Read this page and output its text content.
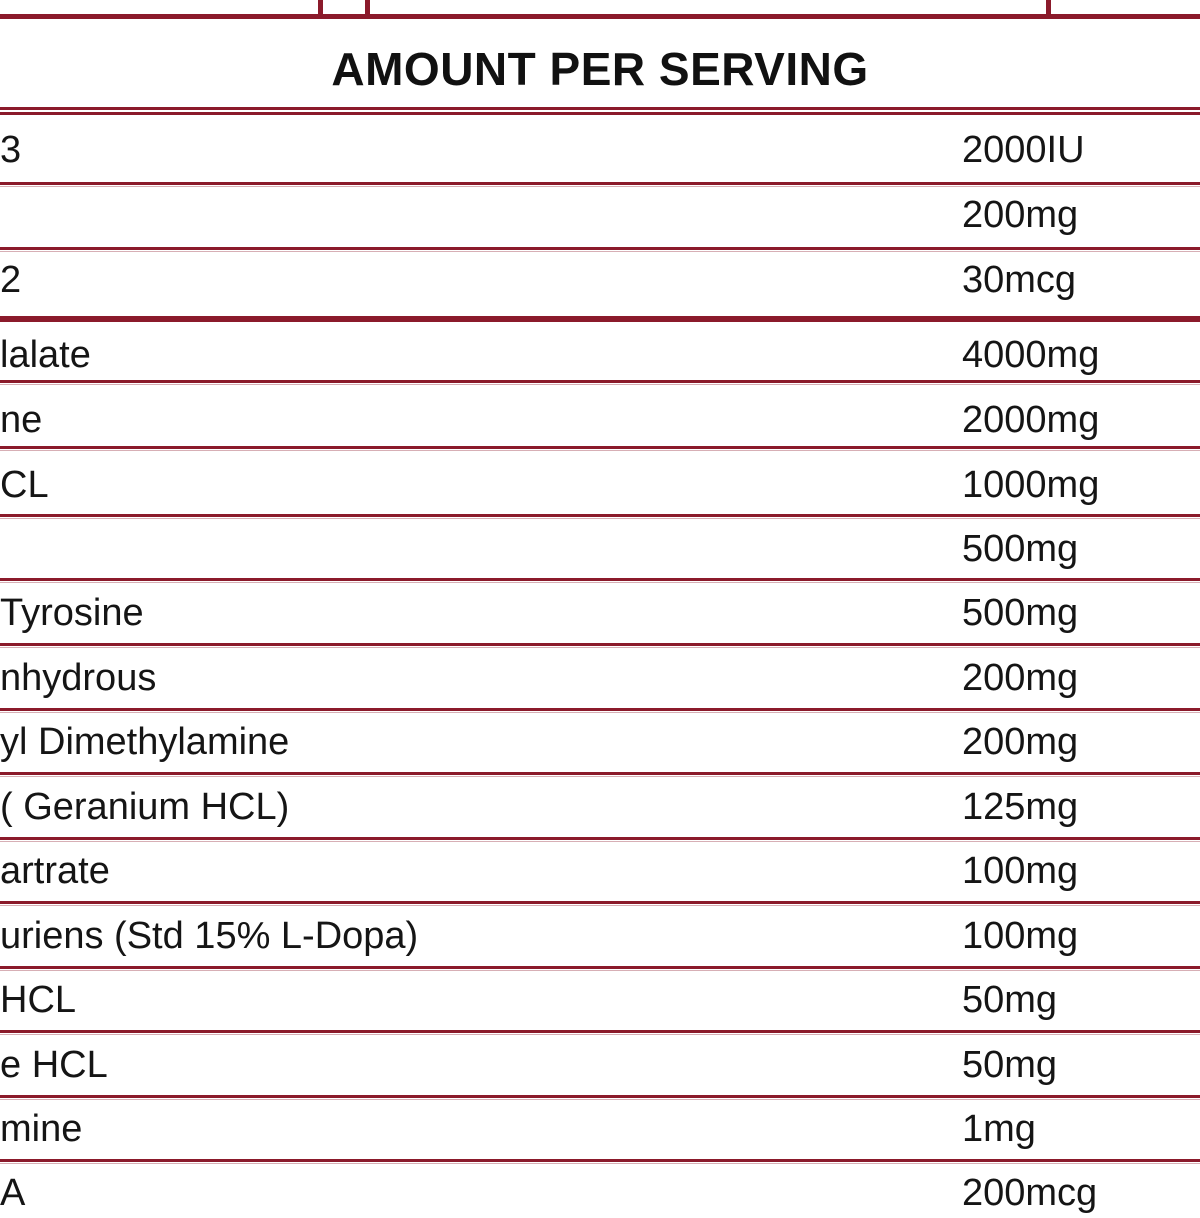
AMOUNT PER SERVING
3	2000IU
200mg
2	30mcg
lalate	4000mg
ne	2000mg
CL	1000mg
500mg
Tyrosine	500mg
nhydrous	200mg
yl Dimethylamine	200mg
( Geranium HCL)	125mg
artrate	100mg
uriens (Std 15% L-Dopa)	100mg
HCL	50mg
e HCL	50mg
mine	1mg
A	200mcg
